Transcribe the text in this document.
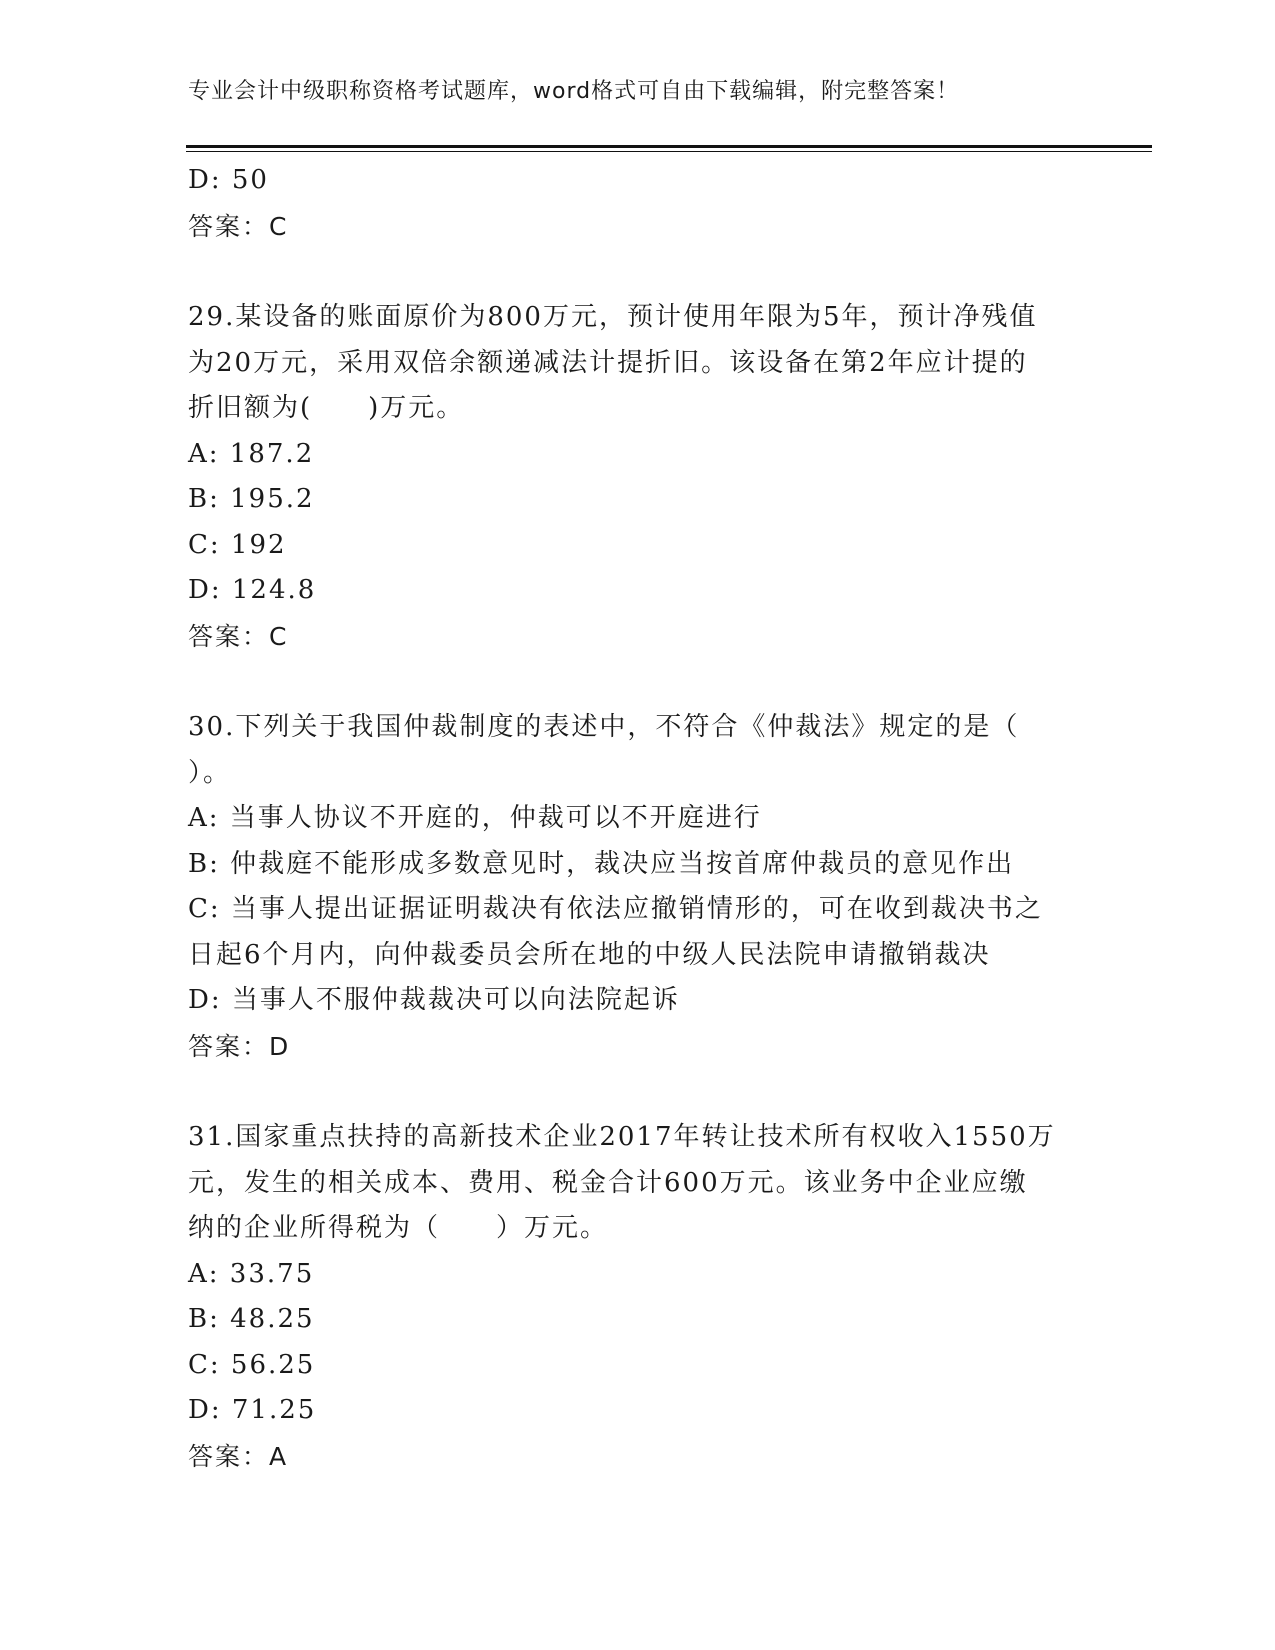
专业会计中级职称资格考试题库，word格式可自由下载编辑，附完整答案！
D: 50
答案：C
29.某设备的账面原价为800万元，预计使用年限为5年，预计净残值
为20万元，采用双倍余额递减法计提折旧。该设备在第2年应计提的
折旧额为(　　)万元。
A: 187.2
B: 195.2
C: 192
D: 124.8
答案：C
30.下列关于我国仲裁制度的表述中，不符合《仲裁法》规定的是（
）。
A: 当事人协议不开庭的，仲裁可以不开庭进行
B: 仲裁庭不能形成多数意见时，裁决应当按首席仲裁员的意见作出
C: 当事人提出证据证明裁决有依法应撤销情形的，可在收到裁决书之
日起6个月内，向仲裁委员会所在地的中级人民法院申请撤销裁决
D: 当事人不服仲裁裁决可以向法院起诉
答案：D
31.国家重点扶持的高新技术企业2017年转让技术所有权收入1550万
元，发生的相关成本、费用、税金合计600万元。该业务中企业应缴
纳的企业所得税为（　　）万元。
A: 33.75
B: 48.25
C: 56.25
D: 71.25
答案：A
